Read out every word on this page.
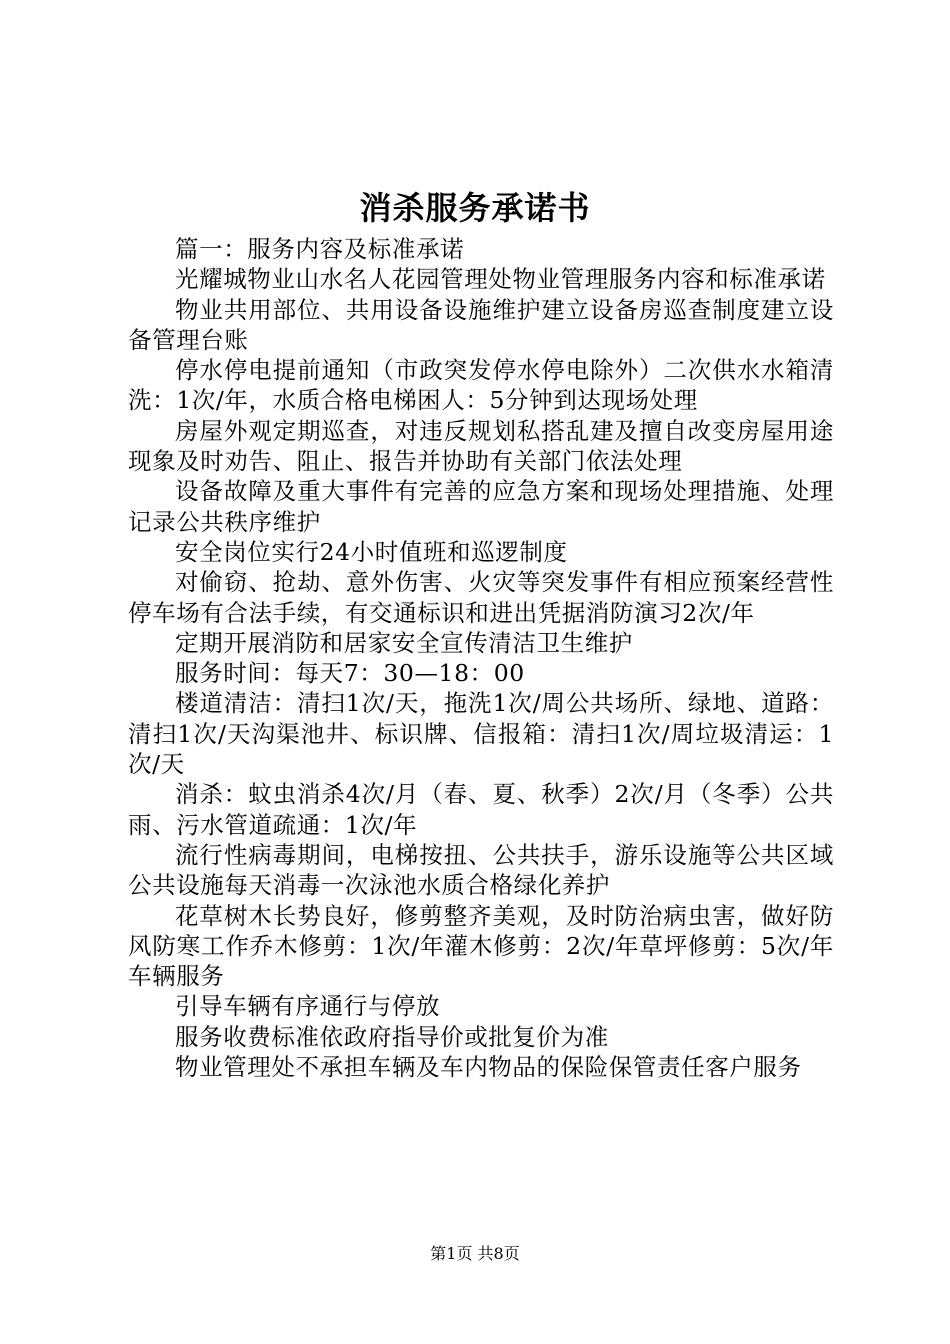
消杀服务承诺书

篇一：服务内容及标准承诺

光耀城物业山水名人花园管理处物业管理服务内容和标准承诺

物业共用部位、共用设备设施维护建立设备房巡查制度建立设备管理台账

停水停电提前通知（市政突发停水停电除外）二次供水水箱清洗：1次/年，水质合格电梯困人：5分钟到达现场处理

房屋外观定期巡查，对违反规划私搭乱建及擅自改变房屋用途现象及时劝告、阻止、报告并协助有关部门依法处理

设备故障及重大事件有完善的应急方案和现场处理措施、处理记录公共秩序维护

安全岗位实行24小时值班和巡逻制度

对偷窃、抢劫、意外伤害、火灾等突发事件有相应预案经营性停车场有合法手续，有交通标识和进出凭据消防演习2次/年

定期开展消防和居家安全宣传清洁卫生维护

服务时间：每天7：30—18：00

楼道清洁：清扫1次/天，拖洗1次/周公共场所、绿地、道路：清扫1次/天沟渠池井、标识牌、信报箱：清扫1次/周垃圾清运：1次/天

消杀：蚊虫消杀4次/月（春、夏、秋季）2次/月（冬季）公共雨、污水管道疏通：1次/年

流行性病毒期间，电梯按扭、公共扶手，游乐设施等公共区域公共设施每天消毒一次泳池水质合格绿化养护

花草树木长势良好，修剪整齐美观，及时防治病虫害，做好防风防寒工作乔木修剪：1次/年灌木修剪：2次/年草坪修剪：5次/年车辆服务

引导车辆有序通行与停放

服务收费标准依政府指导价或批复价为准

物业管理处不承担车辆及车内物品的保险保管责任客户服务

第1页 共8页
